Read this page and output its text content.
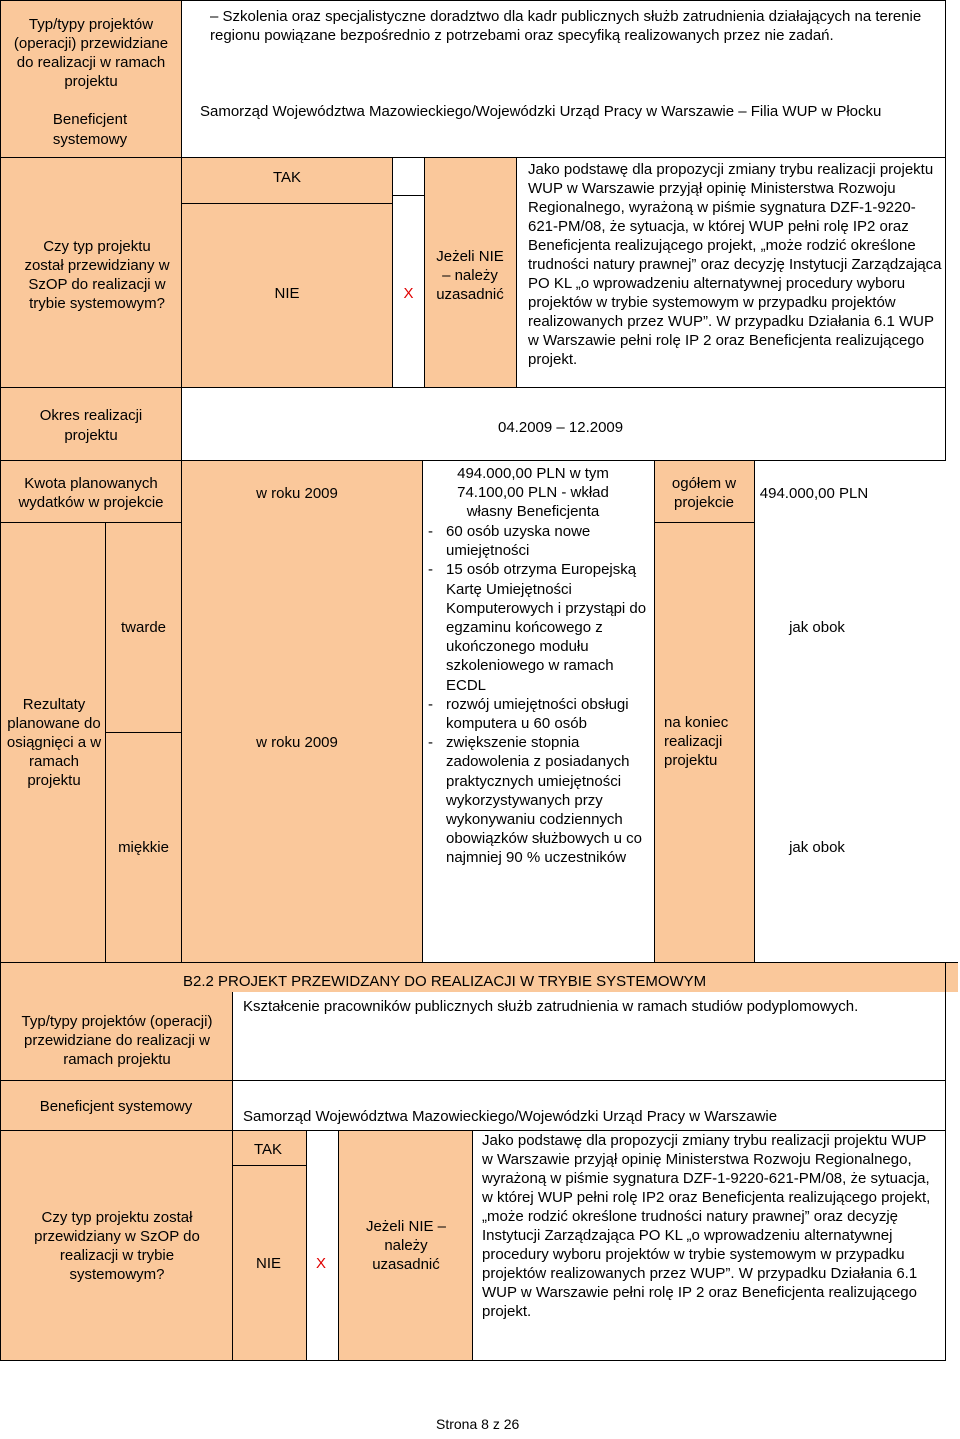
Typ/typy projektów (operacji) przewidziane do realizacji w ramach projektu
– Szkolenia oraz specjalistyczne doradztwo dla kadr publicznych służb zatrudnienia działających na terenie regionu powiązane bezpośrednio z potrzebami oraz specyfiką realizowanych przez nie zadań.
Beneficjent systemowy
Samorząd Województwa Mazowieckiego/Wojewódzki Urząd Pracy w Warszawie – Filia WUP w Płocku
Czy typ projektu został przewidziany w SzOP do realizacji w trybie systemowym?
TAK
NIE	X
Jeżeli NIE – należy uzasadnić
Jako podstawę dla propozycji zmiany trybu realizacji projektu WUP w Warszawie przyjął opinię Ministerstwa Rozwoju Regionalnego, wyrażoną w piśmie sygnatura DZF-1-9220-621-PM/08, że sytuacja, w której WUP pełni rolę IP2 oraz Beneficjenta realizującego projekt, „może rodzić określone trudności natury prawnej” oraz decyzję Instytucji Zarządzająca PO KL „o wprowadzeniu alternatywnej procedury wyboru projektów w trybie systemowym w przypadku projektów realizowanych przez WUP”. W przypadku Działania 6.1 WUP w Warszawie pełni rolę IP 2 oraz Beneficjenta realizującego projekt.
Okres realizacji projektu	04.2009 – 12.2009
Kwota planowanych wydatków w projekcie
w roku 2009
494.000,00 PLN w tym 74.100,00 PLN - wkład własny Beneficjenta
ogółem w projekcie
494.000,00 PLN
Rezultaty planowane do osiągnięci a w ramach projektu
twarde
miękkie
w roku 2009
- 60 osób uzyska nowe umiejętności
- 15 osób otrzyma Europejską Kartę Umiejętności Komputerowych i przystąpi do egzaminu końcowego z ukończonego modułu szkoleniowego w ramach ECDL
- rozwój umiejętności obsługi komputera u 60 osób
- zwiększenie stopnia zadowolenia z posiadanych praktycznych umiejętności wykorzystywanych przy wykonywaniu codziennych obowiązków służbowych u co najmniej 90 % uczestników
na koniec realizacji projektu
jak obok
jak obok
B2.2 PROJEKT PRZEWIDZANY DO REALIZACJI W TRYBIE SYSTEMOWYM
Typ/typy projektów (operacji) przewidziane do realizacji w ramach projektu
Kształcenie pracowników publicznych służb zatrudnienia w ramach studiów podyplomowych.
Beneficjent systemowy
Samorząd Województwa Mazowieckiego/Wojewódzki Urząd Pracy w Warszawie
Czy typ projektu został przewidziany w SzOP do realizacji w trybie systemowym?
TAK
NIE X
Jeżeli NIE – należy uzasadnić
Jako podstawę dla propozycji zmiany trybu realizacji projektu WUP w Warszawie przyjął opinię Ministerstwa Rozwoju Regionalnego, wyrażoną w piśmie sygnatura DZF-1-9220-621-PM/08, że sytuacja, w której WUP pełni rolę IP2 oraz Beneficjenta realizującego projekt, „może rodzić określone trudności natury prawnej” oraz decyzję Instytucji Zarządzająca PO KL „o wprowadzeniu alternatywnej procedury wyboru projektów w trybie systemowym w przypadku projektów realizowanych przez WUP”. W przypadku Działania 6.1 WUP w Warszawie pełni rolę IP 2 oraz Beneficjenta realizującego projekt.
Strona 8 z 26
